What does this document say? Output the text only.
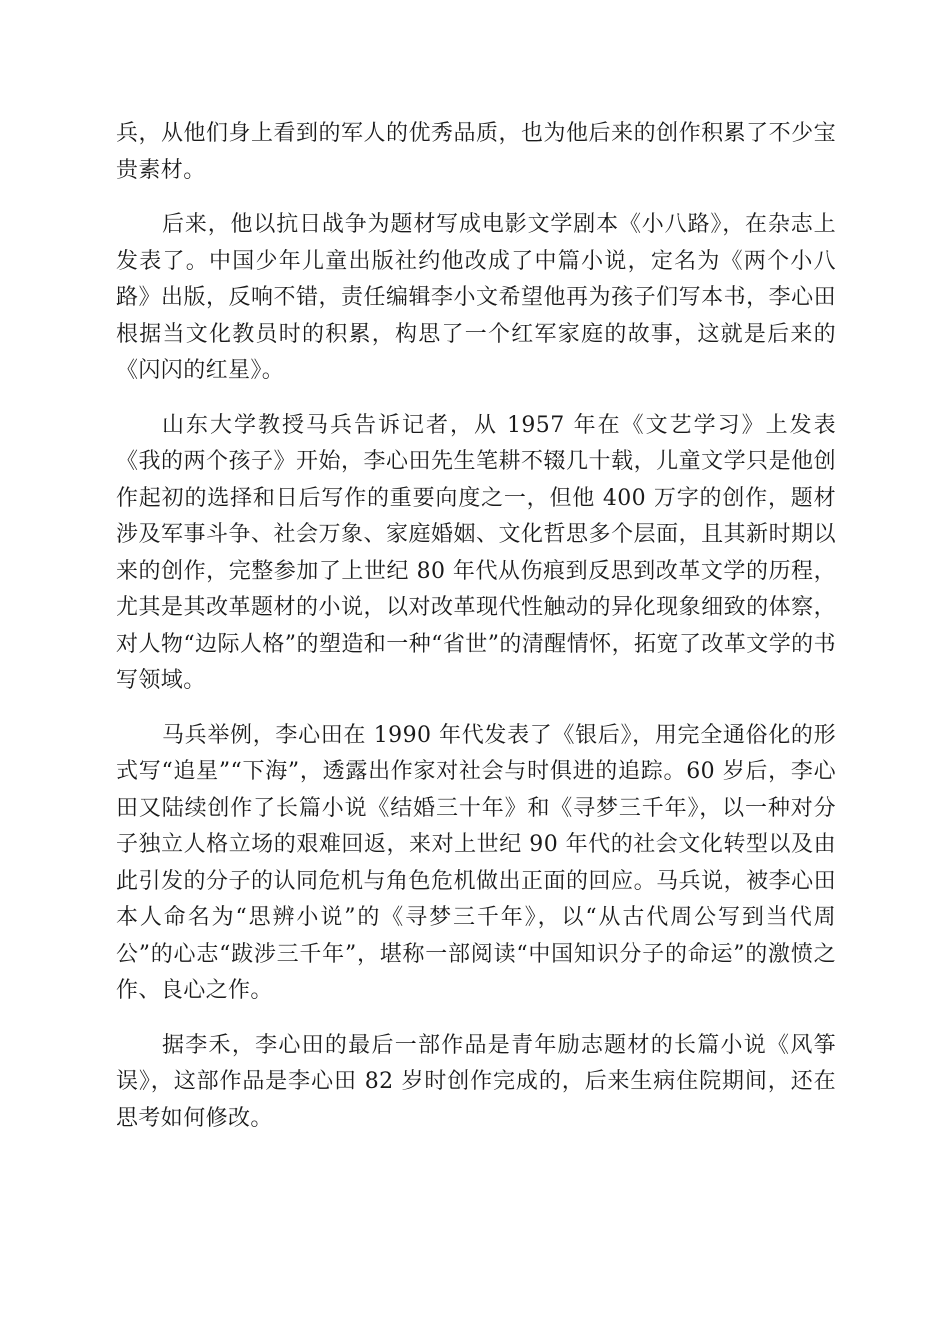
兵，从他们身上看到的军人的优秀品质，也为他后来的创作积累了不少宝贵素材。

后来，他以抗日战争为题材写成电影文学剧本《小八路》，在杂志上发表了。中国少年儿童出版社约他改成了中篇小说，定名为《两个小八路》出版，反响不错，责任编辑李小文希望他再为孩子们写本书，李心田根据当文化教员时的积累，构思了一个红军家庭的故事，这就是后来的《闪闪的红星》。

山东大学教授马兵告诉记者，从 1957 年在《文艺学习》上发表《我的两个孩子》开始，李心田先生笔耕不辍几十载，儿童文学只是他创作起初的选择和日后写作的重要向度之一，但他 400 万字的创作，题材涉及军事斗争、社会万象、家庭婚姻、文化哲思多个层面，且其新时期以来的创作，完整参加了上世纪 80 年代从伤痕到反思到改革文学的历程，尤其是其改革题材的小说，以对改革现代性触动的异化现象细致的体察，对人物“边际人格”的塑造和一种“省世”的清醒情怀，拓宽了改革文学的书写领域。

马兵举例，李心田在 1990 年代发表了《银后》，用完全通俗化的形式写“追星”“下海”，透露出作家对社会与时俱进的追踪。60 岁后，李心田又陆续创作了长篇小说《结婚三十年》和《寻梦三千年》，以一种对分子独立人格立场的艰难回返，来对上世纪 90 年代的社会文化转型以及由此引发的分子的认同危机与角色危机做出正面的回应。马兵说，被李心田本人命名为“思辨小说”的《寻梦三千年》，以“从古代周公写到当代周公”的心志“跋涉三千年”，堪称一部阅读“中国知识分子的命运”的激愤之作、良心之作。

据李禾，李心田的最后一部作品是青年励志题材的长篇小说《风筝误》，这部作品是李心田 82 岁时创作完成的，后来生病住院期间，还在思考如何修改。
